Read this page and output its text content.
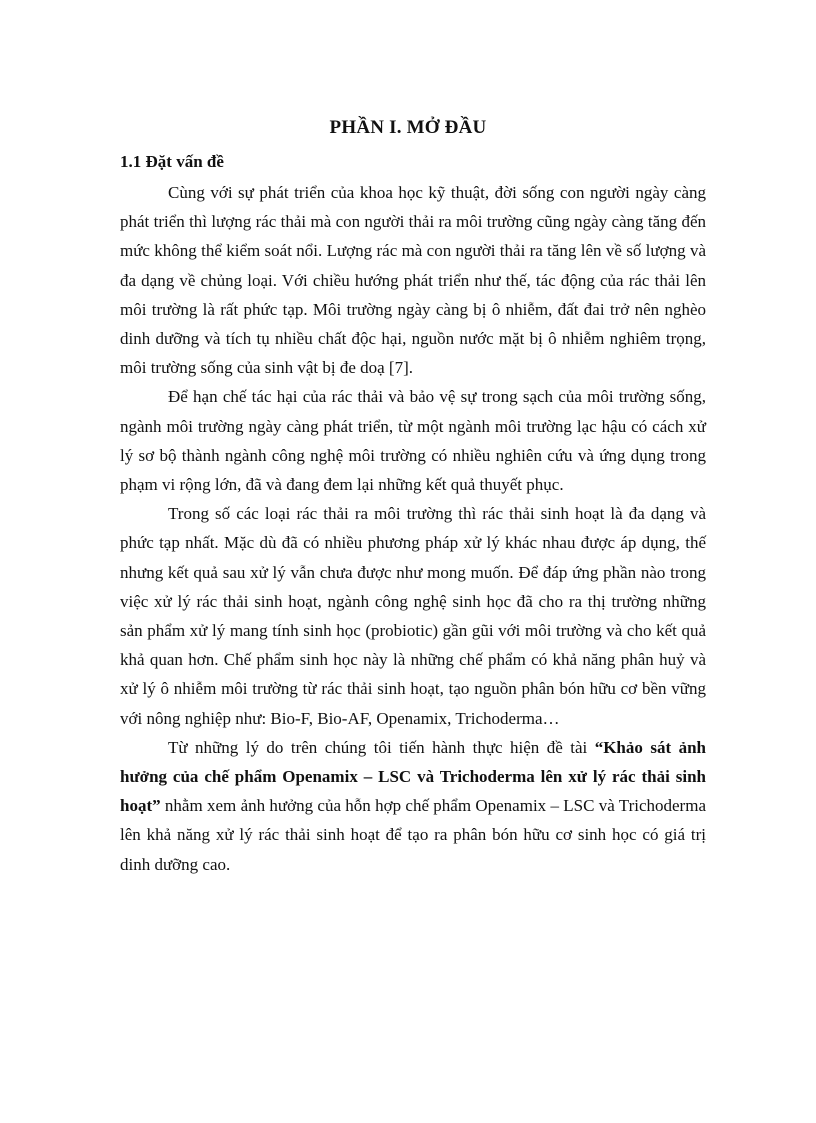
PHẦN I. MỞ ĐẦU
1.1 Đặt vấn đề

Cùng với sự phát triển của khoa học kỹ thuật, đời sống con người ngày càng phát triển thì lượng rác thải mà con người thải ra môi trường cũng ngày càng tăng đến mức không thể kiểm soát nổi. Lượng rác mà con người thải ra tăng lên về số lượng và đa dạng về chủng loại. Với chiều hướng phát triển như thế, tác động của rác thải lên môi trường là rất phức tạp. Môi trường ngày càng bị ô nhiễm, đất đai trở nên nghèo dinh dưỡng và tích tụ nhiều chất độc hại, nguồn nước mặt bị ô nhiễm nghiêm trọng, môi trường sống của sinh vật bị đe doạ [7].

Để hạn chế tác hại của rác thải và bảo vệ sự trong sạch của môi trường sống, ngành môi trường ngày càng phát triển, từ một ngành môi trường lạc hậu có cách xử lý sơ bộ thành ngành công nghệ môi trường có nhiều nghiên cứu và ứng dụng trong phạm vi rộng lớn, đã và đang đem lại những kết quả thuyết phục.

Trong số các loại rác thải ra môi trường thì rác thải sinh hoạt là đa dạng và phức tạp nhất. Mặc dù đã có nhiều phương pháp xử lý khác nhau được áp dụng, thế nhưng kết quả sau xử lý vẫn chưa được như mong muốn. Để đáp ứng phần nào trong việc xử lý rác thải sinh hoạt, ngành công nghệ sinh học đã cho ra thị trường những sản phẩm xử lý mang tính sinh học (probiotic) gần gũi với môi trường và cho kết quả khả quan hơn. Chế phẩm sinh học này là những chế phẩm có khả năng phân huỷ và xử lý ô nhiễm môi trường từ rác thải sinh hoạt, tạo nguồn phân bón hữu cơ bền vững với nông nghiệp như: Bio-F, Bio-AF, Openamix, Trichoderma…

Từ những lý do trên chúng tôi tiến hành thực hiện đề tài “Khảo sát ảnh hưởng của chế phẩm Openamix – LSC và Trichoderma lên xử lý rác thải sinh hoạt” nhằm xem ảnh hưởng của hỗn hợp chế phẩm Openamix – LSC và Trichoderma lên khả năng xử lý rác thải sinh hoạt để tạo ra phân bón hữu cơ sinh học có giá trị dinh dưỡng cao.
